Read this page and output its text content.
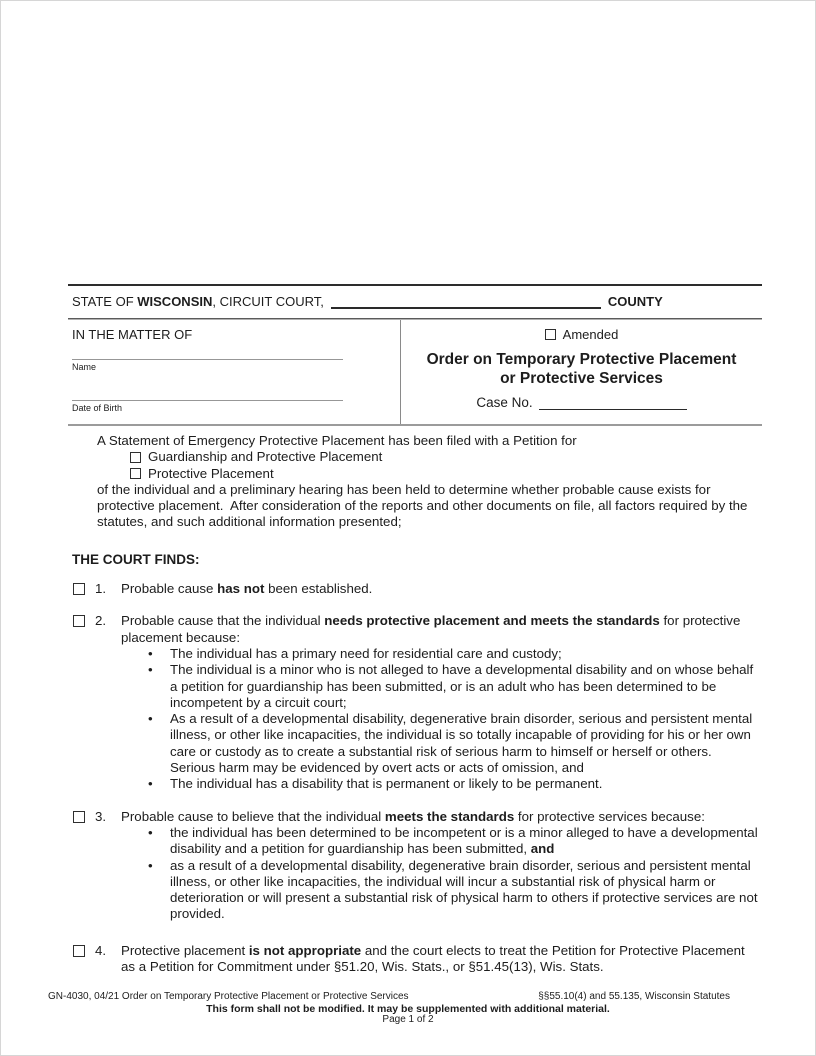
STATE OF WISCONSIN, CIRCUIT COURT,	COUNTY
IN THE MATTER OF
Name
Date of Birth
Amended
Order on Temporary Protective Placement
or Protective Services
Case No.
A Statement of Emergency Protective Placement has been filed with a Petition for
Guardianship and Protective Placement
Protective Placement
of the individual and a preliminary hearing has been held to determine whether probable cause exists for protective placement.  After consideration of the reports and other documents on file, all factors required by the statutes, and such additional information presented;
THE COURT FINDS:
1.	Probable cause has not been established.
2.	Probable cause that the individual needs protective placement and meets the standards for protective placement because:
•	The individual has a primary need for residential care and custody;
•	The individual is a minor who is not alleged to have a developmental disability and on whose behalf a petition for guardianship has been submitted, or is an adult who has been determined to be incompetent by a circuit court;
•	As a result of a developmental disability, degenerative brain disorder, serious and persistent mental illness, or other like incapacities, the individual is so totally incapable of providing for his or her own care or custody as to create a substantial risk of serious harm to himself or herself or others.  Serious harm may be evidenced by overt acts or acts of omission, and
•	The individual has a disability that is permanent or likely to be permanent.
3.	Probable cause to believe that the individual meets the standards for protective services because:
•	the individual has been determined to be incompetent or is a minor alleged to have a developmental disability and a petition for guardianship has been submitted, and
•	as a result of a developmental disability, degenerative brain disorder, serious and persistent mental illness, or other like incapacities, the individual will incur a substantial risk of physical harm or deterioration or will present a substantial risk of physical harm to others if protective services are not provided.
4.	Protective placement is not appropriate and the court elects to treat the Petition for Protective Placement as a Petition for Commitment under §51.20, Wis. Stats., or §51.45(13), Wis. Stats.
GN-4030, 04/21 Order on Temporary Protective Placement or Protective Services	§§55.10(4) and 55.135, Wisconsin Statutes
This form shall not be modified. It may be supplemented with additional material.
Page 1 of 2
